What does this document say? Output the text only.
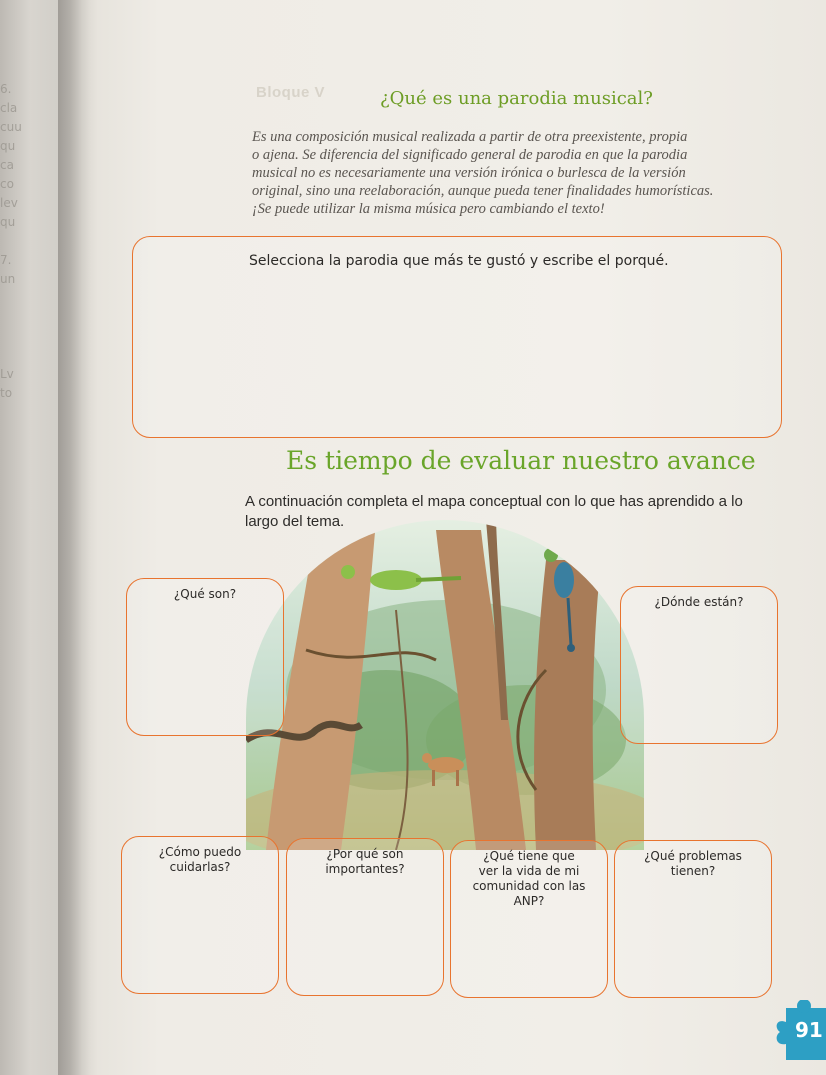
6.
cla
cuu
qu
ca
co
lev
qu

7.
un

Lv
to
Bloque V	¿Qué es una parodia musical?
Es una composición musical realizada a partir de otra preexistente, propia
o ajena. Se diferencia del significado general de parodia en que la parodia
musical no es necesariamente una versión irónica o burlesca de la versión
original, sino una reelaboración, aunque pueda tener finalidades humorísticas.
¡Se puede utilizar la misma música pero cambiando el texto!
Selecciona la parodia que más te gustó y escribe el porqué.
Es tiempo de evaluar nuestro avance
A continuación completa el mapa conceptual con lo que has aprendido a lo
largo del tema.
¿Qué son?
¿Dónde están?
¿Cómo puedo
cuidarlas?
¿Por qué son
importantes?
¿Qué tiene que
ver la vida de mi
comunidad con las
ANP?
¿Qué problemas
tienen?
91
